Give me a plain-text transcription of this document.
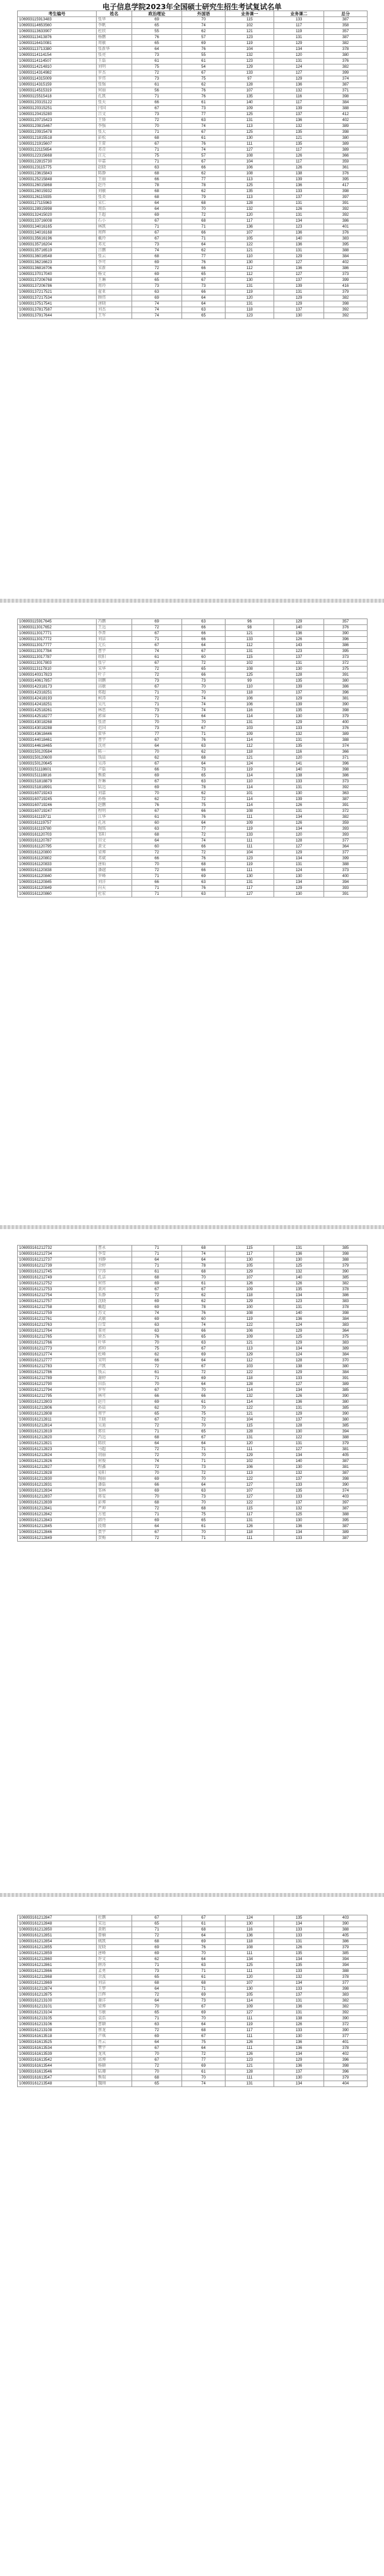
电子信息学院2023年全国硕士研究生招生考试复试名单
考生编号	姓名	政治理论	外国语	业务课一	业务课二	总分
106993115913483	张华	69	70	115	133	387
106993114653560	李帆	65	74	102	117	358
106993113633907	杜欣	55	62	121	119	357
106993113413876	杨鹏	76	57	123	131	387
106993116410081	周敏	65	69	119	129	382
106993113713380	张新华	64	76	104	134	378
106993114114154	张亮	73	55	132	120	380
106993114114507	王磊	61	61	123	131	376
106993114214810	刘明	75	54	129	124	382
106993114314982	罗杰	72	67	133	127	399
106993114315009	罗伟	73	75	97	129	374
106993114315159	张强	61	62	128	136	387
106993114515319	何丽	56	76	107	132	371
106993115515418	孔凯	71	76	135	116	398
106993120315122	张天	66	61	140	117	384
106993120315251	闫国	67	73	109	139	388
106993120415280	吕文	73	77	125	137	412
106993120715423	王锋	72	63	131	136	402
106993120815467	李强	70	74	113	132	389
106993120915478	张大	71	67	125	135	398
106993121815518	彭松	68	61	130	121	380
106993121915607	王雷	67	76	111	135	389
106993122115654	邓青	71	74	127	117	389
106993122315668	汪元	75	57	108	126	366
106993122815730	申嘉	71	67	104	117	359
106993123115775	赵晓	63	66	106	126	361
106993123615843	陈静	68	62	108	138	376
106993125215848	王丽	66	77	113	139	395
106993126015868	赵丹	78	78	125	136	417
106993126015932	刘敏	68	62	135	133	398
106993126115935	张炎	68	79	113	137	397
106993127115963	宋仁	64	68	128	131	391
106993128915998	周浩	64	70	132	126	392
106993132415020	王超	69	72	120	131	392
106993133716008	石小	67	68	117	134	386
106993134016165	林凯	71	71	136	123	401
106993134016168	周辉	67	66	107	136	376
106993135616196	戴玲	67	71	105	140	383
106993135716204	邓光	73	64	122	136	395
106993135716519	吕鹏	74	62	121	131	388
106993136016548	张云	68	77	110	129	384
106993136216623	李可	69	76	130	127	402
106993136816706	宋新	72	66	112	136	386
106993137017040	杨文	69	65	112	127	373
106993137206768	王琳	65	67	130	137	399
106993137206786	周玲	73	73	131	139	416
106993137217521	翟亚	63	66	119	131	379
106993137217534	顾伟	69	64	120	129	382
106993137517541	唐晓	74	64	131	129	398
106993137817587	刘杰	74	63	118	137	392
106993137917644	王军	74	65	123	130	392
106993115917645	冯鹏	69	63	96	129	357
106993113017652	王远	72	66	98	140	376
106993113017771	李普	67	66	121	136	390
106993113017772	刘洁	71	66	133	126	396
106993113017777	元长	67	64	112	143	386
106993113017784	曹宇	74	67	131	123	395
106993113017787	欧阳	61	60	115	137	373
106993113017803	张宁	67	72	102	131	372
106993113117810	宋华	72	65	108	130	375
106993140317823	叶子	72	66	125	128	391
106993140617857	胡鹏	73	73	99	135	380
106993142318173	高敏	67	70	110	139	386
106993142318251	郑超	71	70	118	137	396
106993142418193	柯涛	72	74	106	129	381
106993142418251	吴凡	71	74	106	139	390
106993142518261	林思	73	74	116	135	398
106993142518277	郭睿	71	64	114	130	379
106993143018268	张清	70	70	131	129	400
106993143018288	范国	73	67	103	133	376
106993143618446	雷华	77	71	109	132	389
106993144018461	曹宇	67	76	114	131	388
106993144618465	沈亮	64	63	112	135	374
106993150120584	陈一	70	62	118	116	366
106993150120600	钱晨	62	68	121	120	371
106993150120645	吴涛	67	64	124	141	396
106993151118601	卢磊	66	73	119	140	398
106993151118816	熊毅	69	65	114	138	386
106993151818879	许琳	67	63	110	133	373
106993151818991	陆远	69	78	114	131	392
106993160719243	刘嘉	70	62	101	130	363
106993160719245	孙杨	62	72	114	139	387
106993160719246	赵鹏	76	75	114	126	391
106993160719247	程明	67	66	108	131	372
106993161119711	江华	61	76	111	134	382
106993161119757	孔冰	60	64	109	126	359
106993161119780	陶铭	63	77	119	134	393
106993161120703	邹阳	68	72	133	120	393
106993161120787	田文	64	74	111	128	377
106993161120795	黄文	60	66	111	127	364
106993161120800	梁博	72	72	104	129	377
106993161120802	邓斌	66	76	123	134	399
106993161120833	唐灿	70	68	119	131	388
106993161120838	潘越	72	66	111	124	373
106993161120840	罗峰	71	69	130	130	400
106993161120845	刘洋	66	63	131	134	394
106993161120849	向天	71	76	117	129	393
106993161120860	杜宏	71	63	127	130	391
106993161212732	曹永	71	68	115	131	385
106993161212734	李雪	71	74	117	136	398
106993161212737	刘静	64	64	130	130	388
106993161212739	余婷	71	78	105	125	379
106993161212745	宁涛	61	68	129	132	390
106993161212749	孔洁	68	70	107	140	385
106993161212752	何伟	69	61	126	126	382
106993161212753	黄河	67	67	109	135	378
106993161212754	朱静	72	62	118	134	386
106993161212757	沈晓	69	62	129	123	383
106993161212758	戴超	69	78	100	131	378
106993161212759	苏文	74	76	108	140	398
106993161212761	武敏	69	60	119	136	384
106993161212763	白雪	63	74	122	124	383
106993161212764	董亮	63	66	106	129	364
106993161212765	徐杰	76	65	109	125	375
106993161212766	叶华	70	63	121	129	383
106993161212773	郭帅	75	67	113	134	389
106993161212774	杜峰	62	69	129	124	384
106993161212777	宋明	66	64	112	128	370
106993161212783	卢凯	72	67	103	138	380
106993161212786	钱云	61	72	122	129	384
106993161212789	谢婷	71	69	118	133	391
106993161212790	田浩	70	64	128	127	389
106993161212794	罗军	67	70	114	134	385
106993161212795	林可	66	66	132	126	390
106993161212803	赵月	69	61	114	136	380
106993161212806	孙晨	62	70	122	131	385
106993161212808	周宇	65	75	121	129	390
106993161212811	王晓	67	72	104	137	380
106993161212814	吴迪	72	70	115	128	385
106993161212819	郑佳	71	65	128	130	394
106993161212820	冯远	68	67	131	122	388
106993161212821	陈欣	64	64	120	131	379
106993161212823	马超	72	71	111	127	381
106993161212824	胡丽	72	70	129	134	405
106993161212826	何俊	74	71	102	140	387
106993161212827	程鑫	72	73	106	130	381
106993161212828	易阳	70	72	113	132	387
106993161212830	陶丽	69	70	122	137	398
106993161212831	潘磊	66	64	127	133	390
106993161212834	邹林	69	63	107	135	374
106993161212837	蒋雯	70	73	127	133	403
106993161212839	彭博	68	70	122	137	397
106993161212841	严坤	72	68	115	132	387
106993161212842	方旭	71	75	117	125	388
106993161212843	韩丹	69	65	131	130	395
106993161212845	段翔	64	61	126	136	387
106993161212846	贾宇	67	70	118	134	389
106993161212849	贺梅	72	71	111	133	387
106993161212847	杜鹏	67	67	124	135	403
106993161212848	宋远	65	61	130	134	390
106993161212850	黄鹤	71	68	116	133	388
106993161212851	曾楠	72	64	136	133	405
106993161212854	姚凯	68	69	118	131	386
106993161212855	庞晓	69	76	108	126	379
106993161212859	唐峰	69	70	111	135	385
106993161212860	许文	62	64	134	134	394
106993161212861	薛涛	71	63	125	135	394
106993161212866	孟勇	73	71	111	133	388
106993161212868	余波	65	61	120	132	378
106993161212869	刘洁	68	68	107	134	377
106993161212874	王梦	64	71	130	133	398
106993161212875	吕辉	72	69	105	137	383
106993161213100	谢洋	64	73	114	131	382
106993161213101	梁博	70	67	109	136	382
106993161213104	韦敏	65	69	127	131	392
106993161213105	袁浩	71	70	111	138	390
106993161213106	曹颖	63	64	119	126	372
106993161213108	蔡龙	72	68	117	133	390
106993161613518	卢琪	69	67	111	130	377
106993161613525	肖云	64	75	126	136	401
106993161613534	覃宇	67	64	111	136	378
106993161613539	龙凤	70	72	126	134	402
106993161613542	邱博	67	77	123	129	396
106993161613544	杨颖	72	69	121	136	398
106993161613546	陆珊	70	61	128	137	396
106993161613547	熊瑞	68	70	111	130	379
106993161213548	魏刚	65	74	131	134	404
